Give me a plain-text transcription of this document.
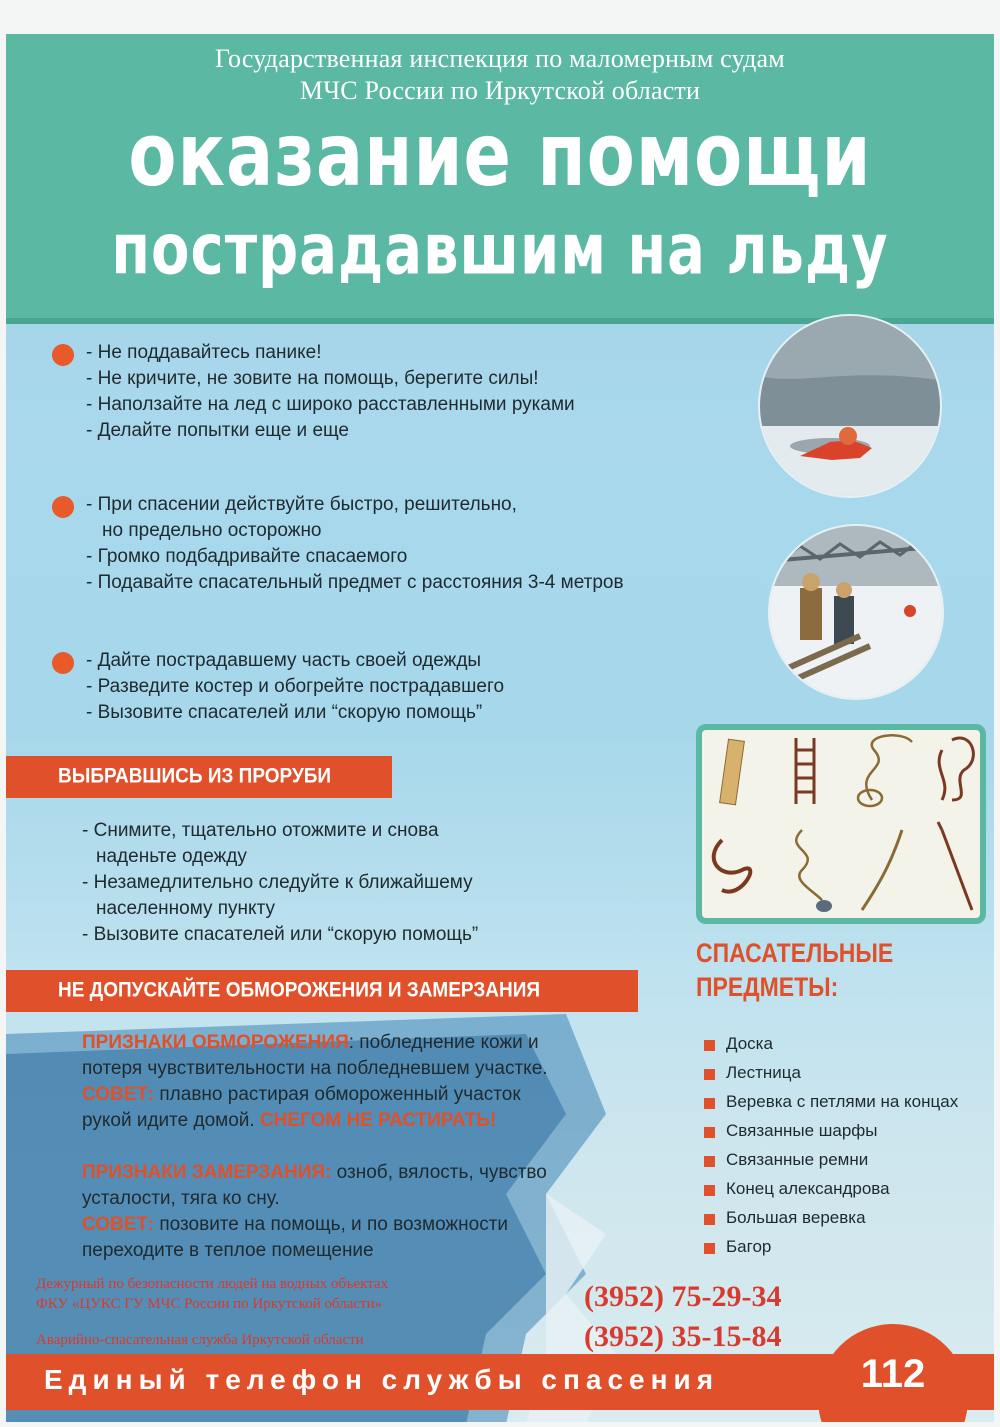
Государственная инспекция по маломерным судам
МЧС России по Иркутской области
оказание помощи
пострадавшим на льду
- Не поддавайтесь панике!
- Не кричите, не зовите на помощь, берегите силы!
- Наползайте на лед с широко расставленными руками
- Делайте попытки еще и еще
- При спасении действуйте быстро, решительно,
но предельно осторожно
- Громко подбадривайте спасаемого
- Подавайте спасательный предмет с расстояния 3-4 метров
- Дайте пострадавшему часть своей одежды
- Разведите костер и обогрейте пострадавшего
- Вызовите спасателей или “скорую помощь”
ВЫБРАВШИСЬ ИЗ ПРОРУБИ
- Снимите, тщательно отожмите и снова
наденьте одежду
- Незамедлительно следуйте к ближайшему
населенному пункту
- Вызовите спасателей или “скорую помощь”
СПАСАТЕЛЬНЫЕ
ПРЕДМЕТЫ:
Доска
Лестница
Веревка с петлями на концах
Связанные шарфы
Связанные ремни
Конец александрова
Большая веревка
Багор
НЕ ДОПУСКАЙТЕ ОБМОРОЖЕНИЯ И ЗАМЕРЗАНИЯ
ПРИЗНАКИ ОБМОРОЖЕНИЯ: побледнение кожи и
потеря чувствительности на побледневшем участке.
СОВЕТ: плавно растирая обмороженный участок
рукой идите домой. СНЕГОМ НЕ РАСТИРАТЬ!
ПРИЗНАКИ ЗАМЕРЗАНИЯ: озноб, вялость, чувство
усталости, тяга ко сну.
СОВЕТ: позовите на помощь, и по возможности
переходите в теплое помещение
Дежурный по безопасности людей на водных объектах
ФКУ «ЦУКС ГУ МЧС России по Иркутской области»
Аварийно-спасательная служба Иркутской области
(3952) 75-29-34
(3952) 35-15-84
Единый телефон службы спасения	112
